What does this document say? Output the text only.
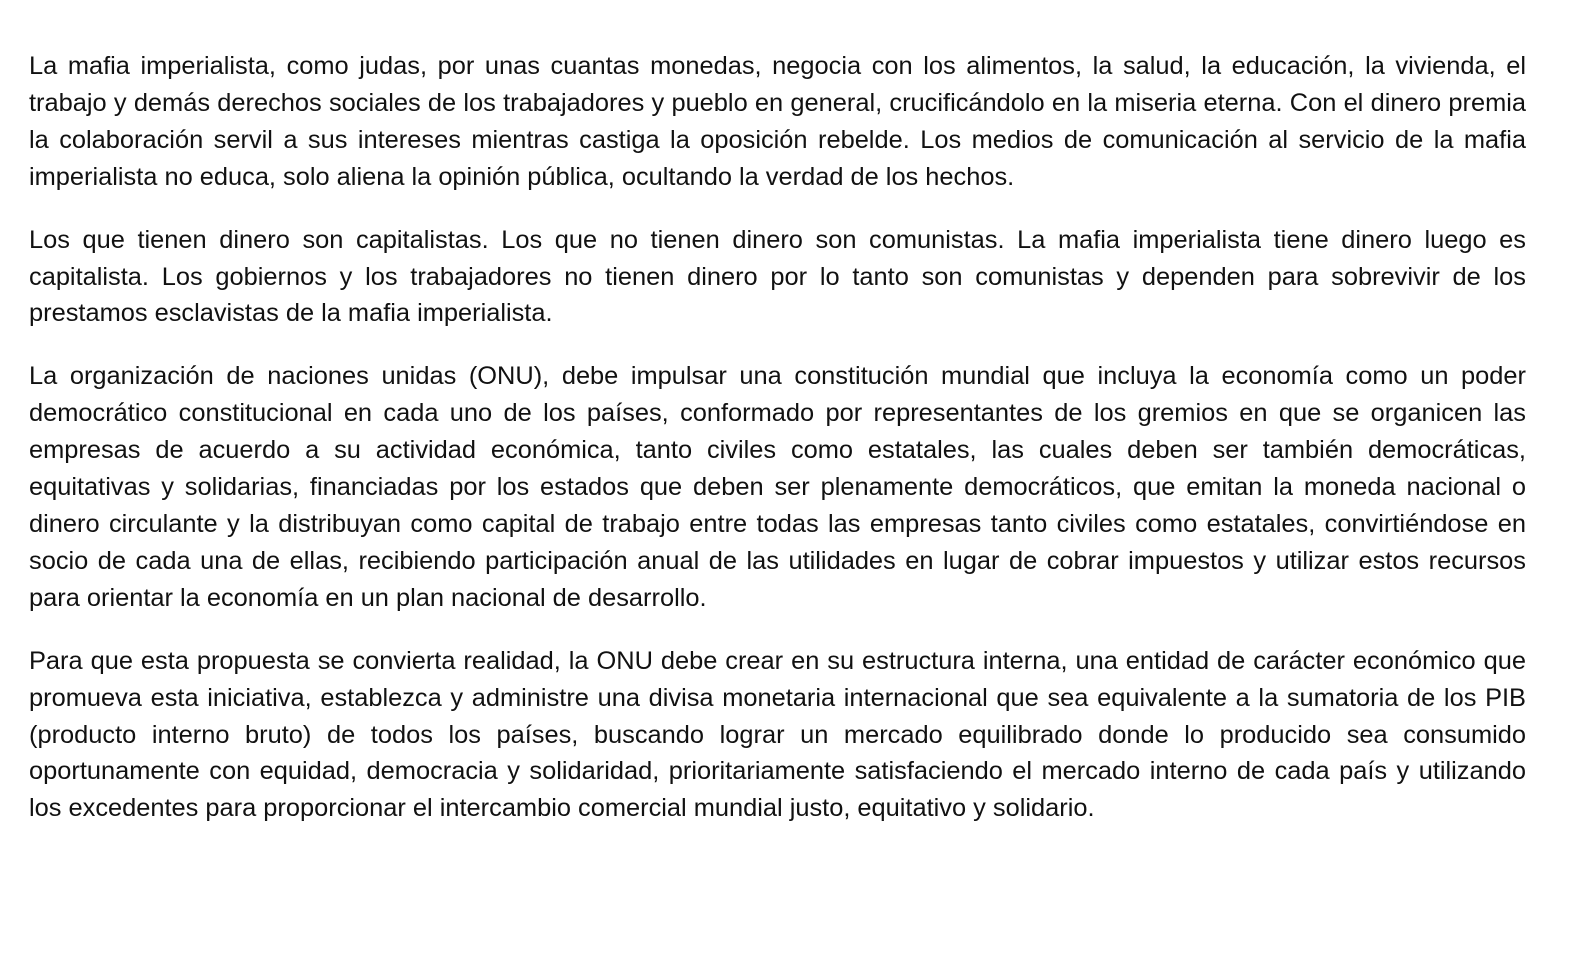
La mafia imperialista, como judas, por unas cuantas monedas, negocia con los alimentos, la salud, la educación, la vivienda, el trabajo y demás derechos sociales de los trabajadores y pueblo en general, crucificándolo en la miseria eterna. Con el dinero premia la colaboración servil a sus intereses mientras castiga la oposición rebelde. Los medios de comunicación al servicio de la mafia imperialista no educa, solo aliena la opinión pública, ocultando la verdad de los hechos.

Los que tienen dinero son capitalistas. Los que no tienen dinero son comunistas. La mafia imperialista tiene dinero luego es capitalista. Los gobiernos y los trabajadores no tienen dinero por lo tanto son comunistas y dependen para sobrevivir de los prestamos esclavistas de la mafia imperialista.

La organización de naciones unidas (ONU), debe impulsar una constitución mundial que incluya la economía como un poder democrático constitucional en cada uno de los países, conformado por representantes de los gremios en que se organicen las empresas de acuerdo a su actividad económica, tanto civiles como estatales, las cuales deben ser también democráticas, equitativas y solidarias, financiadas por los estados que deben ser plenamente democráticos, que emitan la moneda nacional o dinero circulante y la distribuyan como capital de trabajo entre todas las empresas tanto civiles como estatales, convirtiéndose en socio de cada una de ellas, recibiendo participación anual de las utilidades en lugar de cobrar impuestos y utilizar estos recursos para orientar la economía en un plan nacional de desarrollo.

Para que esta propuesta se convierta realidad, la ONU debe crear en su estructura interna, una entidad de carácter económico que promueva esta iniciativa, establezca y administre una divisa monetaria internacional que sea equivalente a la sumatoria de los PIB (producto interno bruto) de todos los países, buscando lograr un mercado equilibrado donde lo producido sea consumido oportunamente con equidad, democracia y solidaridad, prioritariamente satisfaciendo el mercado interno de cada país y utilizando los excedentes para proporcionar el intercambio comercial mundial justo, equitativo y solidario.
